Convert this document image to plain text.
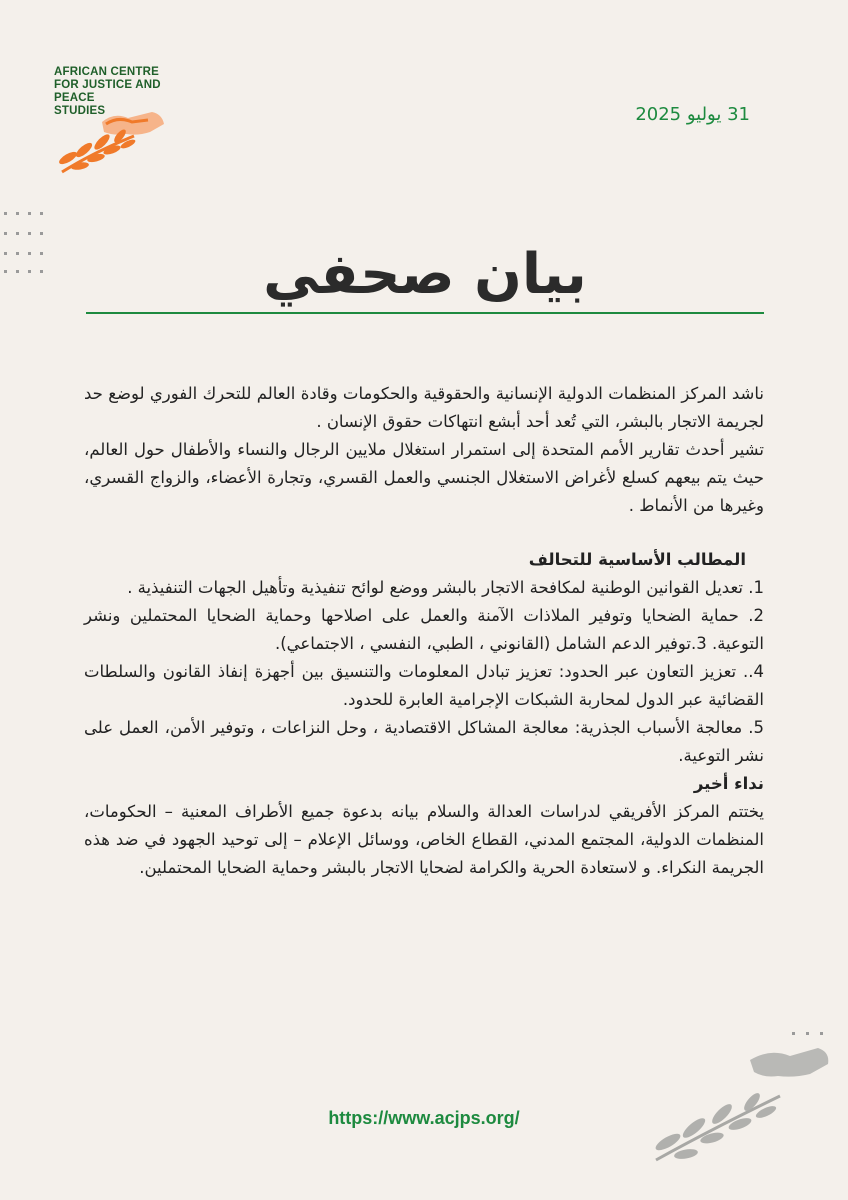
AFRICAN CENTRE
FOR JUSTICE AND
PEACE
STUDIES	31 يوليو 2025
بيان صحفي

ناشد المركز المنظمات الدولية الإنسانية والحقوقية والحكومات وقادة العالم للتحرك الفوري لوضع حد لجريمة الاتجار بالبشر، التي تُعد أحد أبشع انتهاكات حقوق الإنسان .

تشير أحدث تقارير الأمم المتحدة إلى استمرار استغلال ملايين الرجال والنساء والأطفال حول العالم، حيث يتم بيعهم كسلع لأغراض الاستغلال الجنسي والعمل القسري، وتجارة الأعضاء، والزواج القسري، وغيرها من الأنماط .

المطالب الأساسية للتحالف

1. تعديل القوانين الوطنية لمكافحة الاتجار بالبشر ووضع لوائح تنفيذية وتأهيل الجهات التنفيذية .

2. حماية الضحايا وتوفير الملاذات الآمنة والعمل على اصلاحها وحماية الضحايا المحتملين ونشر التوعية. 3.توفير الدعم الشامل (القانوني ، الطبي، النفسي ، الاجتماعي).

4.. تعزيز التعاون عبر الحدود: تعزيز تبادل المعلومات والتنسيق بين أجهزة إنفاذ القانون والسلطات القضائية عبر الدول لمحاربة الشبكات الإجرامية العابرة للحدود.

5. معالجة الأسباب الجذرية: معالجة المشاكل الاقتصادية ، وحل النزاعات ، وتوفير الأمن، العمل على نشر التوعية.

نداء أخير

يختتم المركز الأفريقي لدراسات العدالة والسلام بيانه بدعوة جميع الأطراف المعنية – الحكومات، المنظمات الدولية، المجتمع المدني، القطاع الخاص، ووسائل الإعلام – إلى توحيد الجهود في ضد هذه الجريمة النكراء. و لاستعادة الحرية والكرامة لضحايا الاتجار بالبشر وحماية الضحايا المحتملين.

https://www.acjps.org/
